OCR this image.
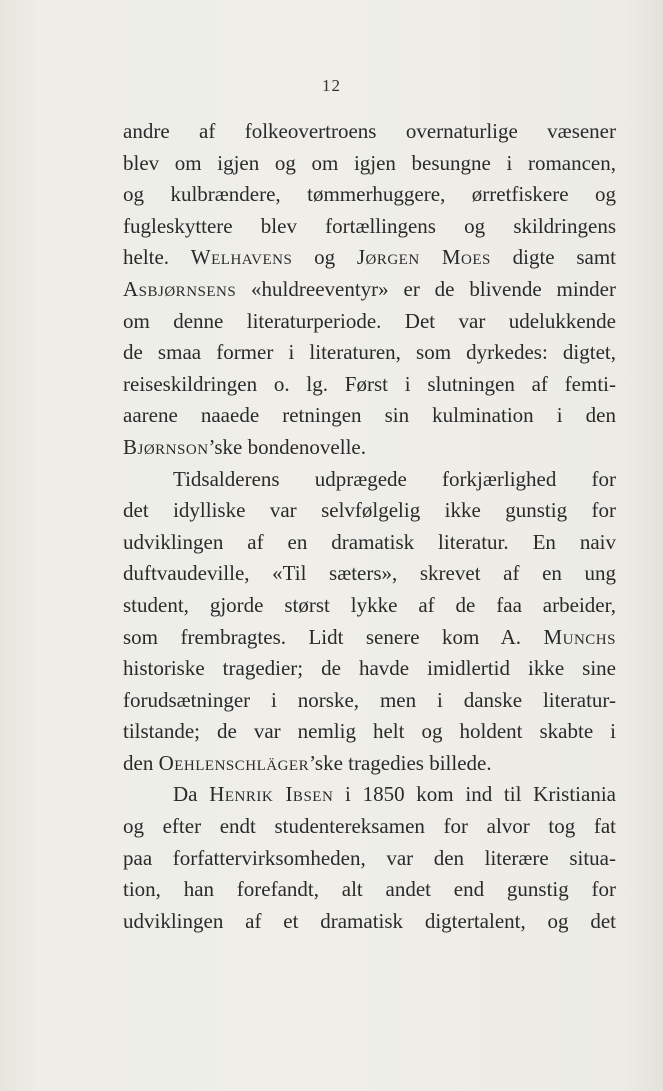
12
andre af folkeovertroens overnaturlige væsener
blev om igjen og om igjen besungne i romancen,
og kulbrændere, tømmerhuggere, ørretfiskere og
fugleskyttere blev fortællingens og skildringens
helte. Welhavens og Jørgen Moes digte samt
Asbjørnsens «huldreeventyr» er de blivende minder
om denne literaturperiode. Det var udelukkende
de smaa former i literaturen, som dyrkedes: digtet,
reiseskildringen o. lg. Først i slutningen af femti-
aarene naaede retningen sin kulmination i den
Bjørnson’ske bondenovelle.
Tidsalderens udprægede forkjærlighed for
det idylliske var selvfølgelig ikke gunstig for
udviklingen af en dramatisk literatur. En naiv
duftvaudeville, «Til sæters», skrevet af en ung
student, gjorde størst lykke af de faa arbeider,
som frembragtes. Lidt senere kom A. Munchs
historiske tragedier; de havde imidlertid ikke sine
forudsætninger i norske, men i danske literatur-
tilstande; de var nemlig helt og holdent skabte i
den Oehlenschläger’ske tragedies billede.
Da Henrik Ibsen i 1850 kom ind til Kristiania
og efter endt studentereksamen for alvor tog fat
paa forfattervirksomheden, var den literære situa-
tion, han forefandt, alt andet end gunstig for
udviklingen af et dramatisk digtertalent, og det
